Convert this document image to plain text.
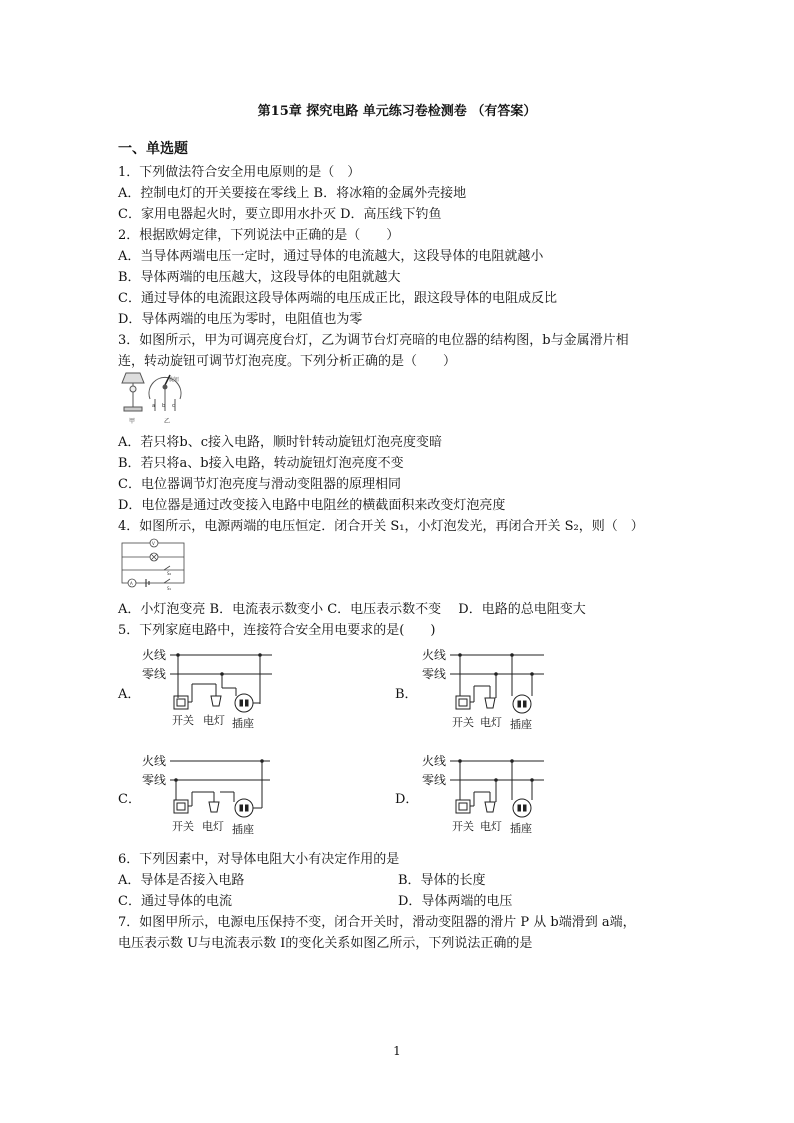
第15章 探究电路 单元练习卷检测卷 （有答案）
一、单选题
1．下列做法符合安全用电原则的是（　）
A．控制电灯的开关要接在零线上 B．将冰箱的金属外壳接地
C．家用电器起火时，要立即用水扑灭 D．高压线下钓鱼
2．根据欧姆定律，下列说法中正确的是（　　）
A．当导体两端电压一定时，通过导体的电流越大，这段导体的电阻就越小
B．导体两端的电压越大，这段导体的电阻就越大
C．通过导体的电流跟这段导体两端的电压成正比，跟这段导体的电阻成反比
D．导体两端的电压为零时，电阻值也为零
3．如图所示，甲为可调亮度台灯，乙为调节台灯亮暗的电位器的结构图，b与金属滑片相
连，转动旋钮可调节灯泡亮度。下列分析正确的是（　　）
旋钮
a b c
甲	乙
A．若只将b、c接入电路，顺时针转动旋钮灯泡亮度变暗
B．若只将a、b接入电路，转动旋钮灯泡亮度不变
C．电位器调节灯泡亮度与滑动变阻器的原理相同
D．电位器是通过改变接入电路中电阻丝的横截面积来改变灯泡亮度
4．如图所示，电源两端的电压恒定．闭合开关 S₁，小灯泡发光，再闭合开关 S₂，则（　）
V
A
S₂
S₁
A．小灯泡变亮 B．电流表示数变小 C．电压表示数不变　 D．电路的总电阻变大
5．下列家庭电路中，连接符合安全用电要求的是(　　)
A．
火线
零线
开关 电灯 插座
B．
火线
零线
开关 电灯 插座
C．
火线
零线
开关 电灯 插座
D．
火线
零线
开关 电灯 插座
6．下列因素中，对导体电阻大小有决定作用的是
A．导体是否接入电路	B．导体的长度
C．通过导体的电流	D．导体两端的电压
7．如图甲所示，电源电压保持不变，闭合开关时，滑动变阻器的滑片 P 从 b端滑到 a端，
电压表示数 U与电流表示数 I的变化关系如图乙所示，下列说法正确的是
1
